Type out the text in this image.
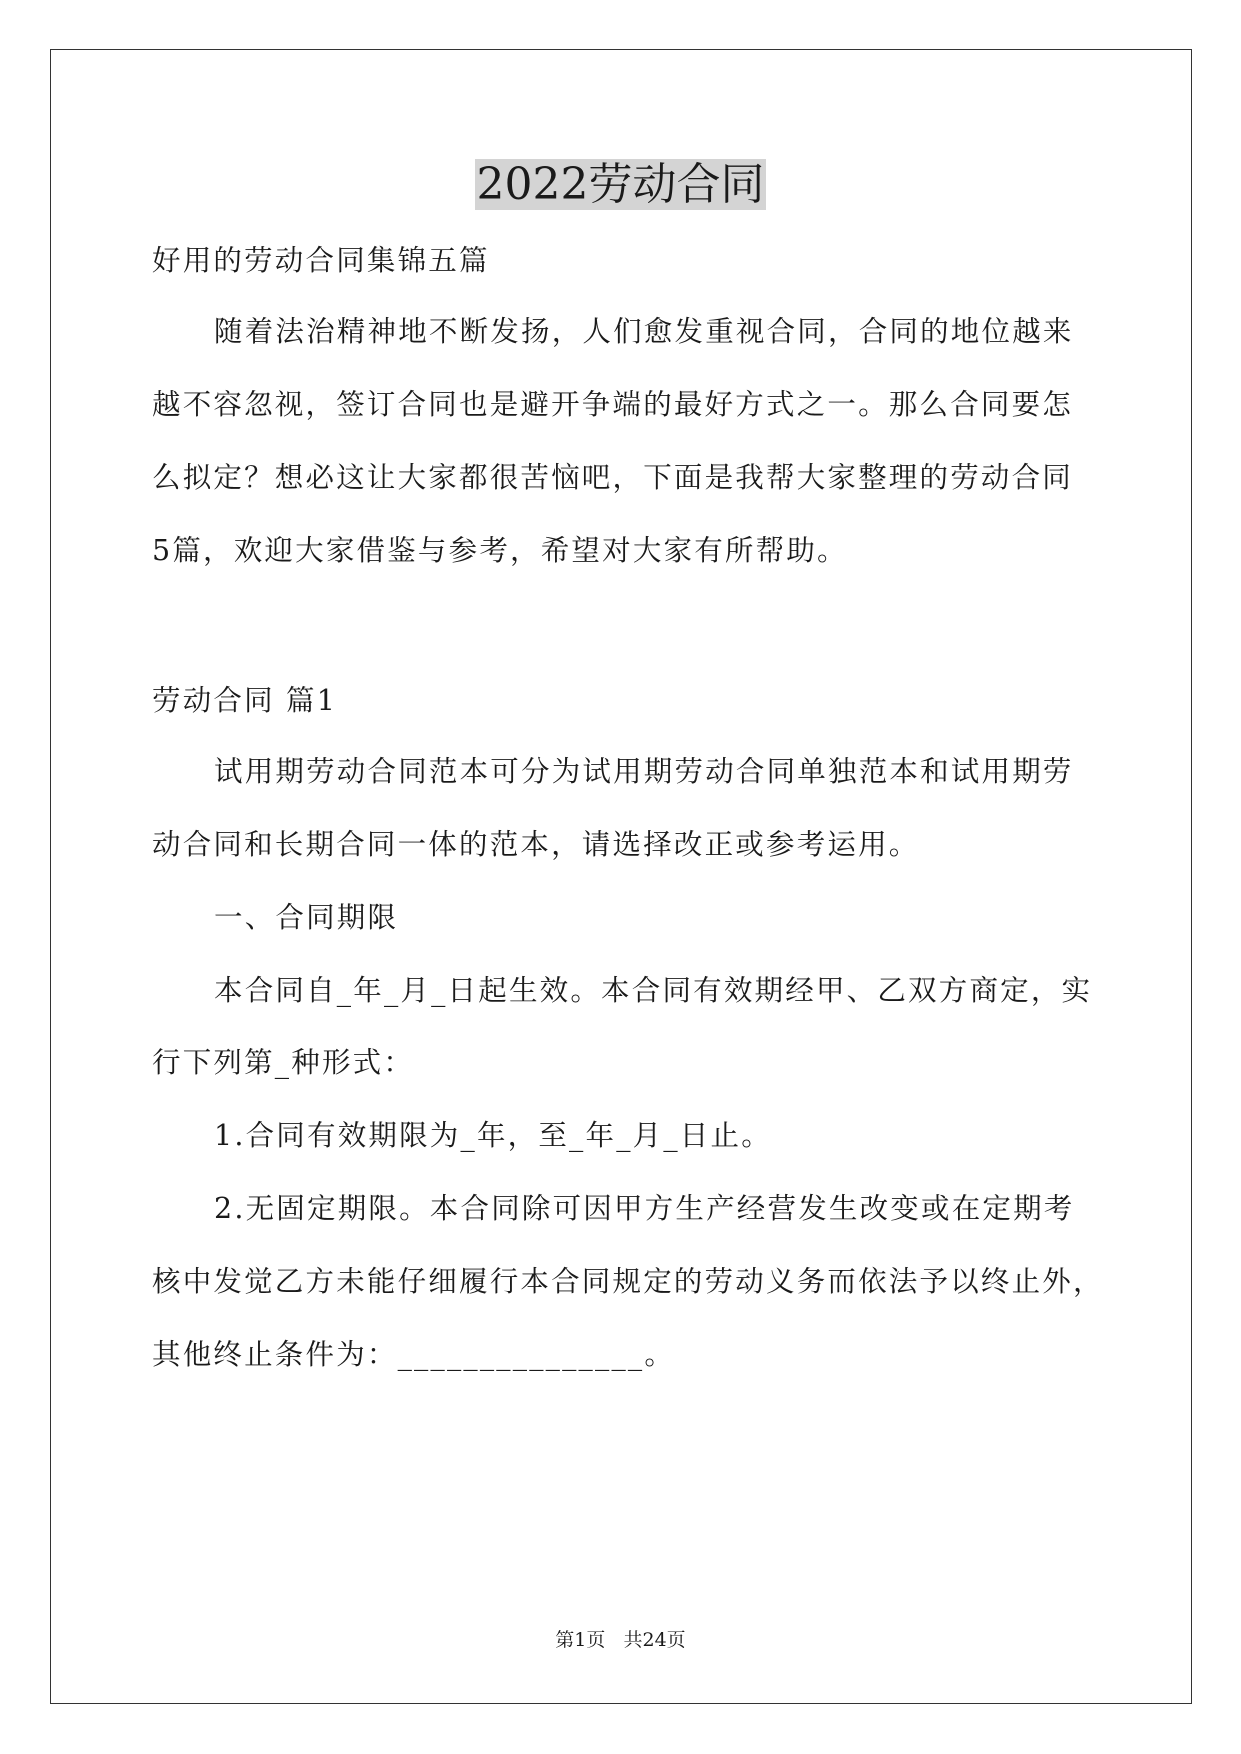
2022劳动合同
好用的劳动合同集锦五篇
随着法治精神地不断发扬，人们愈发重视合同，合同的地位越来
越不容忽视，签订合同也是避开争端的最好方式之一。那么合同要怎
么拟定？想必这让大家都很苦恼吧，下面是我帮大家整理的劳动合同
5篇，欢迎大家借鉴与参考，希望对大家有所帮助。
劳动合同 篇1
试用期劳动合同范本可分为试用期劳动合同单独范本和试用期劳
动合同和长期合同一体的范本，请选择改正或参考运用。
一、合同期限
本合同自_年_月_日起生效。本合同有效期经甲、乙双方商定，实
行下列第_种形式：
1.合同有效期限为_年，至_年_月_日止。
2.无固定期限。本合同除可因甲方生产经营发生改变或在定期考
核中发觉乙方未能仔细履行本合同规定的劳动义务而依法予以终止外，
其他终止条件为：_______________。
第1页   共24页
